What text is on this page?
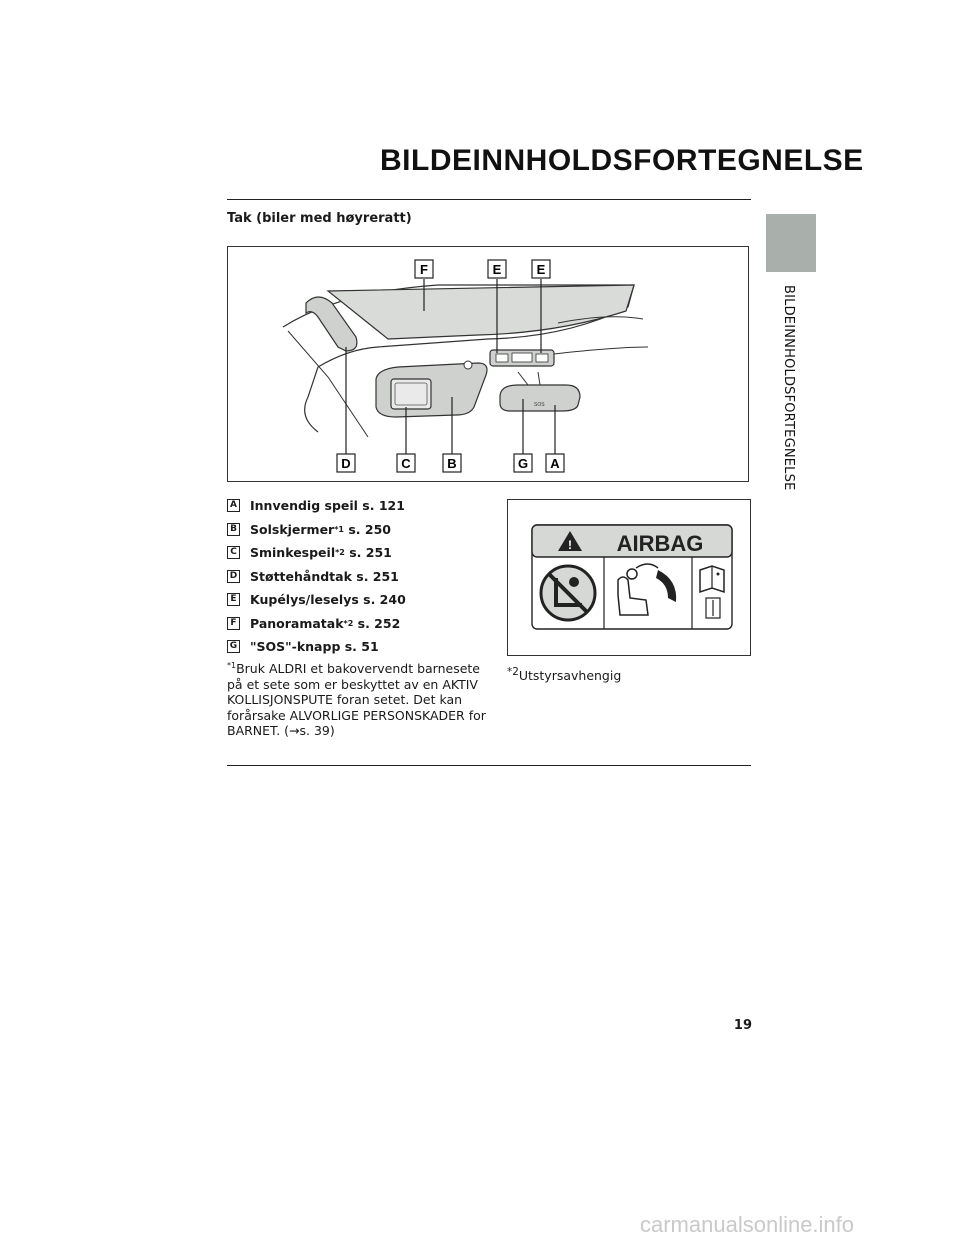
BILDEINNHOLDSFORTEGNELSE
BILDEINNHOLDSFORTEGNELSE
Tak (biler med høyreratt)
SOS
F	E	E
D	C	B	G A
A Innvendig speil s. 121
B Solskjermer *1 s. 250
C Sminkespeil *2 s. 251
D Støttehåndtak s. 251
E Kupélys/leselys s. 240
F Panoramatak *2 s. 252
G "SOS"-knapp s. 51
$^{*1}$Bruk ALDRI et bakovervendt barnesete på et sete som er beskyttet av en AKTIV KOLLISJONSPUTE foran setet. Det kan forårsake ALVORLIGE PERSONSKADER for BARNET. (→s. 39)
! AIRBAG
$^{*2}$Utstyrsavhengig
19
carmanualsonline.info
